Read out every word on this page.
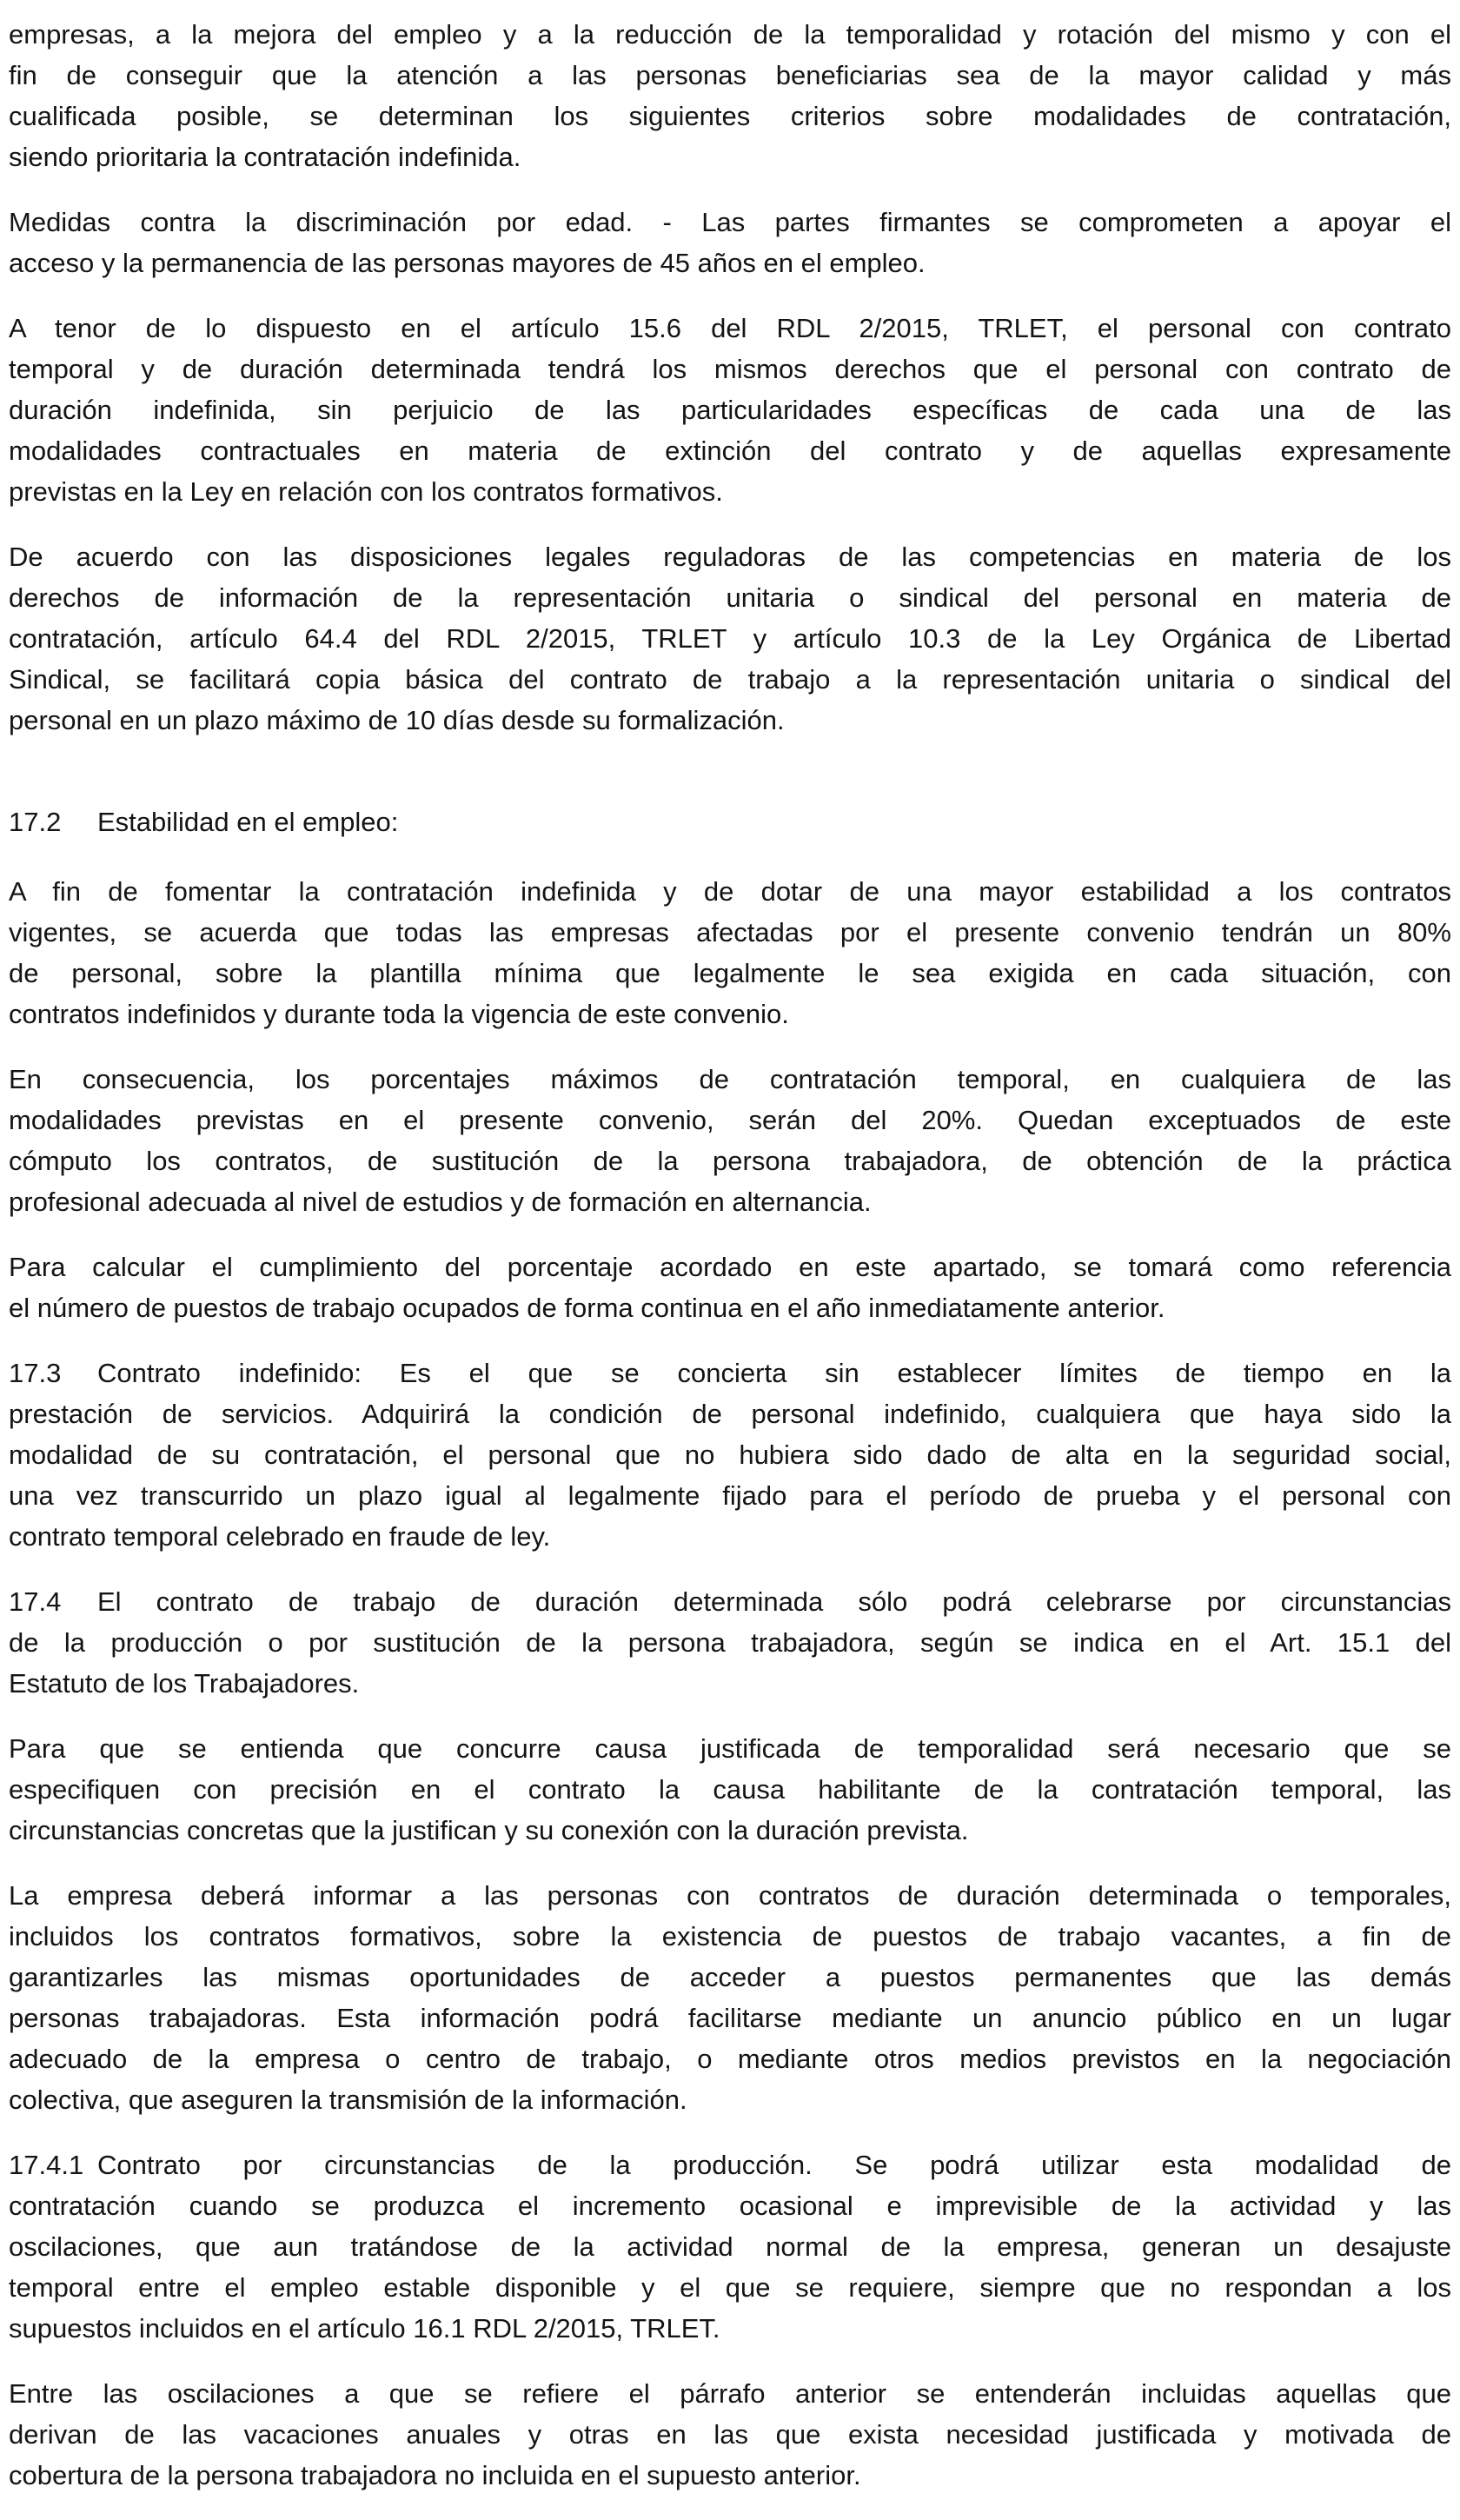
empresas, a la mejora del empleo y a la reducción de la temporalidad y rotación del mismo y con el
fin de conseguir que la atención a las personas beneficiarias sea de la mayor calidad y más
cualificada posible, se determinan los siguientes criterios sobre modalidades de contratación,
siendo prioritaria la contratación indefinida.
Medidas contra la discriminación por edad. - Las partes firmantes se comprometen a apoyar el
acceso y la permanencia de las personas mayores de 45 años en el empleo.
A tenor de lo dispuesto en el artículo 15.6 del RDL 2/2015, TRLET, el personal con contrato
temporal y de duración determinada tendrá los mismos derechos que el personal con contrato de
duración indefinida, sin perjuicio de las particularidades específicas de cada una de las
modalidades contractuales en materia de extinción del contrato y de aquellas expresamente
previstas en la Ley en relación con los contratos formativos.
De acuerdo con las disposiciones legales reguladoras de las competencias en materia de los
derechos de información de la representación unitaria o sindical del personal en materia de
contratación, artículo 64.4 del RDL 2/2015, TRLET y artículo 10.3 de la Ley Orgánica de Libertad
Sindical, se facilitará copia básica del contrato de trabajo a la representación unitaria o sindical del
personal en un plazo máximo de 10 días desde su formalización.
17.2 Estabilidad en el empleo:
A fin de fomentar la contratación indefinida y de dotar de una mayor estabilidad a los contratos
vigentes, se acuerda que todas las empresas afectadas por el presente convenio tendrán un 80%
de personal, sobre la plantilla mínima que legalmente le sea exigida en cada situación, con
contratos indefinidos y durante toda la vigencia de este convenio.
En consecuencia, los porcentajes máximos de contratación temporal, en cualquiera de las
modalidades previstas en el presente convenio, serán del 20%. Quedan exceptuados de este
cómputo los contratos, de sustitución de la persona trabajadora, de obtención de la práctica
profesional adecuada al nivel de estudios y de formación en alternancia.
Para calcular el cumplimiento del porcentaje acordado en este apartado, se tomará como referencia
el número de puestos de trabajo ocupados de forma continua en el año inmediatamente anterior.
17.3 Contrato indefinido: Es el que se concierta sin establecer límites de tiempo en la
prestación de servicios. Adquirirá la condición de personal indefinido, cualquiera que haya sido la
modalidad de su contratación, el personal que no hubiera sido dado de alta en la seguridad social,
una vez transcurrido un plazo igual al legalmente fijado para el período de prueba y el personal con
contrato temporal celebrado en fraude de ley.
17.4 El contrato de trabajo de duración determinada sólo podrá celebrarse por circunstancias
de la producción o por sustitución de la persona trabajadora, según se indica en el Art. 15.1 del
Estatuto de los Trabajadores.
Para que se entienda que concurre causa justificada de temporalidad será necesario que se
especifiquen con precisión en el contrato la causa habilitante de la contratación temporal, las
circunstancias concretas que la justifican y su conexión con la duración prevista.
La empresa deberá informar a las personas con contratos de duración determinada o temporales,
incluidos los contratos formativos, sobre la existencia de puestos de trabajo vacantes, a fin de
garantizarles las mismas oportunidades de acceder a puestos permanentes que las demás
personas trabajadoras. Esta información podrá facilitarse mediante un anuncio público en un lugar
adecuado de la empresa o centro de trabajo, o mediante otros medios previstos en la negociación
colectiva, que aseguren la transmisión de la información.
17.4.1 Contrato por circunstancias de la producción. Se podrá utilizar esta modalidad de
contratación cuando se produzca el incremento ocasional e imprevisible de la actividad y las
oscilaciones, que aun tratándose de la actividad normal de la empresa, generan un desajuste
temporal entre el empleo estable disponible y el que se requiere, siempre que no respondan a los
supuestos incluidos en el artículo 16.1 RDL 2/2015, TRLET.
Entre las oscilaciones a que se refiere el párrafo anterior se entenderán incluidas aquellas que
derivan de las vacaciones anuales y otras en las que exista necesidad justificada y motivada de
cobertura de la persona trabajadora no incluida en el supuesto anterior.
